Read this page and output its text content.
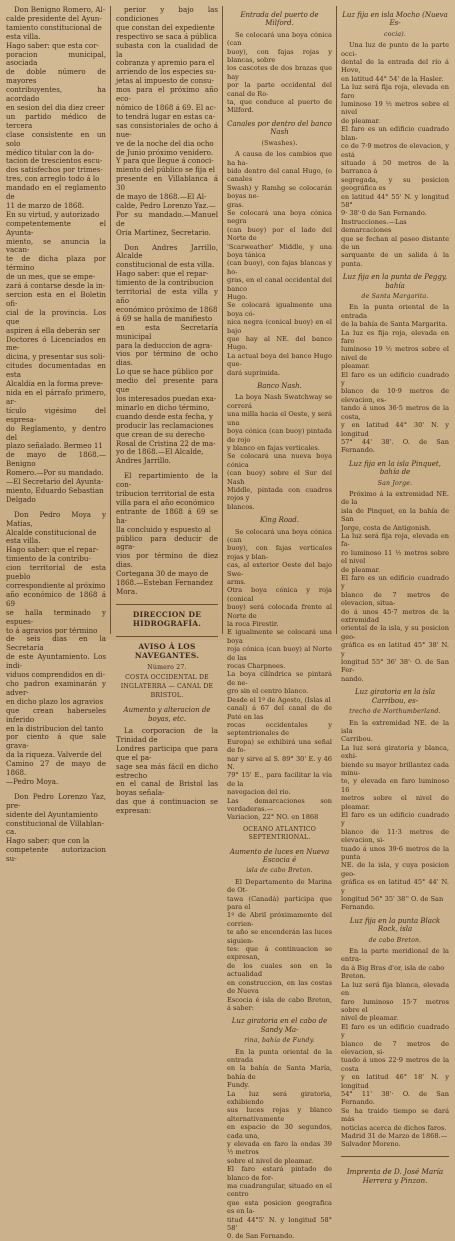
Don Benigno Romero, Al-

calde presidente del Ayun-

tamiento constitucional de

esta villa.

Hago saber: que esta cor-

poracion municipal, asociada

de doble número de mayores

contribuyentes, ha acordado

en sesion del dia diez creer

un partido médico de tercera

clase consistente en un solo

médico titular con la do-

tacion de trescientos escu-

dos satisfechos por trimes-

tres, con arreglo todo á lo

mandado en el reglamento de

11 de marzo de 1868.

En su virtud, y autorizado

competentemente el Ayunta-

miento, se anuncia la vacan-

te de dicha plaza por término

de un mes, que se empe-

zará á contarse desde la in-

sercion esta en el Boletin ofi-

cial de la provincia. Los que

aspiren á ella deberán ser

Doctores ó Licenciados en me-

dicina, y presentar sus soli-

citudes documentadas en esta

Alcaldía en la forma preve-

nida en el párrafo primero, ar-

tículo vigésimo del espresa-

do Reglamento, y dentro del

plazo señalado. Bermeo 11

de mayo de 1868.—Benigno

Romero.—Por su mandado.

—El Secretario del Ayunta-

miento, Eduardo Sebastian

Delgado

Don Pedro Moya y Matias,

Alcalde constitucional de

esta villa.

Hago saber: que el repar-

timiento de la contribu-

cion territorial de esta pueblo

correspondiente al próximo

año económico de 1868 á 69

se halla terminado y espues-

to á agravios por término

de seis dias en la Secretaría

de este Ayuntamiento. Los indi-

viduos comprendidos en di-

cho padron examinarán y adver-

en dicho plazo los agravios

que crean haberseles inferido

en la distribucion del tanto

por ciento á que sale grava-

da la riqueza. Valverde del

Camino 27 de mayo de 1868.

—Pedro Moya.

Don Pedro Lorenzo Yaz, pre-

sidente del Ayuntamiento

constitucional de Villablan-

ca.

Hago saber: que con la

competente autorizacion su-

perior y bajo las condiciones

que constan del expediente

respectivo se saca á pública

subasta con la cualidad de la

cobranza y apremio para el

arriendo de los especies su-

jetas al impuesto de consu-

mos para el próximo año eco-

nómico de 1868 á 69. El ac-

to tendrá lugar en estas ca-

sas consistoriales de ocho á nue-

ve de la noche del dia ocho

de Junio próximo venidero.

Y para que llegue á conoci-

miento del público se fija el

presente en Villablanca á 30

de mayo de 1868.—El Al-

calde, Pedro Lorenzo Yaz.—

Por su mandado.—Manuel de

Oria Martinez, Secretario.

Don Andres Jarrillo, Alcalde

constitucional de esta villa.

Hago saber: que el repar-

timiento de la contribucion

territorial de esta villa y año

económico próximo de 1868

á 69 se halla de manifiesto

en esta Secretaría municipal

para la deduccion de agra-

vios por término de ocho dias.

Lo que se hace público por

medio del presente para que

los interesados puedan exa-

minarlo en dicho término,

cuando desde esta fecha, y

producir las reclamaciones

que crean de su derecho

Rosal de Cristina 22 de ma-

yo de 1868.—El Alcalde,

Andres Jarrillo.

El repartimiento de la con-

tribucion territorial de esta

villa para el año económico

entrante de 1868 á 69 se ha-

lla concluido y espuesto al

público para deducir de agra-

vios por término de diez dias.

Cortegana 30 de mayo de

1868.—Esteban Fernandez

Mora.

DIRECCION DE HIDROGRAFÍA.
AVISO Á LOS NAVEGANTES.
Número 27.
COSTA OCCIDENTAL DE INGLATERRA — CANAL DE BRISTOL.
Aumento y alteracion de boyas, etc.

La corporacion de la Trinidad de

Londres participa que para que el pa-

sage sea más fácil en dicho estrecho

en el canal de Bristol las boyas señala-

das que á continuacion se expresan:

Entrada del puerto de Milford.

Se colocará una boya cónica (can

buoy), con fajas rojas y blancas, sobre

los cascotes de dos brazas que hay

por la parte occidental del canal de Ro-

ta, que conduce al puerto de Milford.

Canales por dentro del banco Nash
(Swashes).

A causa de los cambios que ha ha-

bido dentro del canal Hugo, (o canales

Swash) y Ramhg se colocarán boyas ne-

gras.

Se colocará una boya cónica negra

(can buoy) por el lado del Norte de

'Scarweather' Middle, y una boya tánica

(can buoy), con fajas blancas y ho-

gras, en el canal occidental del banco

Hugo.

Se colocará igualmente una boya có-

nica negra (conical buoy) en el bajo

que hay al NE. del banco Hugo.

La actual boya del banco Hugo que-

dará suprimida.

Banco Nash.

La boya Nash Swatchway se correrá

una milla hacia el Oeste, y será una

boya cónica (can buoy) pintada de rojo

y blanco en fajas verticales.

Se colocará una nueva boya cónica

(can buoy) sobre el Sur del Nash

Middle, pintada con cuadros rojos y

blancos.

King Road.

Se colocará una boya cónica (can

buoy), con fajas verticales rojas y blan-

cas, al exterior Oeste del bajo Swe-

arms.

Otra boya cónica y roja (conical

buoy) será colocada frente al Norte de

la roca Firestir.

E igualmente se colocará una boya

roja cónica (can buoy) al Norte de las

rocas Charpnees.

La boya cilíndrica se pintará de ne-

gro sin el centro blanco.

Desde el 1º de Agosto, (Islas al

canal) á 67 del canal de de Paté en las

rocas occidentales y septentrionales de

Europa) se exhibirá una señal de fo-

nar y sirve al S. 89° 30' E. y 46 N.

79° 15' E., para facilitar la vía de la

navegacion del rio.

Las demarcaciones son verdaderas.—

Variacion, 22° NO. en 1868

OCEANO ATLANTICO SEPTENTRIONAL.
Aumento de luces en Nueva Escocia é
isla de cabo Breton.

El Departamento de Marina de Ot-

tawa (Canadá) participa que para el

1º de Abril próximamente del corrien-

te año se encenderán las luces siguien-

tes: que á continuacion se expresan,

de los cuales son en la actualidad

en construccion, en las costas de Nueva

Escocia é isla de cabo Breton, á saber:

Luz giratoria en el cabo de Sandy Ma-
rina, bahía de Fundy.

En la punta oriental de la entrada

en la bahía de Santa María, bahía de

Fundy.

La luz será giratoria, exhibiendo

sus luces rojas y blanco alternativamente

en espacio de 30 segundos, cada una,

y elevada en faro la ondas 39 ½ metros

sobre el nivel de pleamar.

El faro estará pintado de blanco de for-

ma cuadrangular, situado en el centro

que esta posicion geografica es en la-

titud 44°5' N. y longitud 58° 58'

0. de San Fernando.

Luz fija en isla Mocho (Nueva Es-
cocia).

Una luz de punto de la parte occi-

dental de la entrada del río á Hove,

en latitud 44° 54' de la Hasler.

La luz será fija roja, elevada en faro

luminoso 19 ½ metros sobre el nivel

de pleamar.

El faro es un edificio cuadrado blan-

co de 7·9 metros de elevacion, y está

situado á 50 metros de la barranca á

segregada, y su posicion geográfica es

en latitud 44° 55' N. y longitud 58°

9· 38'·0 de San Fernando.

Instrucciones.—Las demarcaciones

que se fechan al paseo distante de un

sarquante de un salida á la punta.

Luz fija en la punta de Peggy, bahía
de Santa Margarita.

En la punta oriental de la entrada

de la bahía de Santa Margarita.

La luz es fija roja, elevada en faro

luminoso 19 ½ metros sobre el nivel de

pleamar.

El faro es un edificio cuadrado y

blanco de 10·9 metros de elevacion, es-

tando á unos 36·5 metros de la costa,

y en latitud 44° 30' N. y longitud

57° 44' 38'. O. de San Fernando.

Luz fija en la isla Pinquet, bahía de
San Jorge.

Próximo á la extremidad NE. de la

isla de Pinquet, en la bahía de San

Jorge, costa de Antigonish.

La luz será fija roja, elevada en fa-

ro luminoso 11 ½ metros sobre el nivel

de pleamar.

El faro es un edificio cuadrado y

blanco de 7 metros de elevacion, situa-

do á unos 45·7 metros de la extremidad

oriental de la isla, y su posicion geo-

gráfica es en latitud 45° 38' N. y

longitud 55° 36' 38'· O. de San Fer-

nando.

Luz giratoria en la isla Carribou, es-
trecho de Northumberland.

En la extremidad NE. de la isla

Carribou.

La luz será giratoria y blanca, exhi-

biendo su mayor brillantez cada minu-

to, y elevada en faro luminoso 16

metros sobre el nivel de pleamar.

El faro es un edificio cuadrado y

blanco de 11·3 metros de elevacion, si-

tuado á unos 39·6 metros de la punta

NE. de la isla, y cuya posicion geo-

gráfica es en latitud 45° 44' N. y

longitud 56° 35' 38'' O. de San

Fernando.

Luz fija en la punta Black Rock, isla
de cabo Breton.

En la parte meridional de la entra-

da á Big Bras d'or, isla de cabo

Breton.

La luz será fija blanca, elevada en

faro luminoso 15·7 metros sobre el

nivel de pleamar.

El faro es un edificio cuadrado y

blanco de 7 metros de elevacion, si-

tuado á unos 22·9 metros de la costa

y en latitud 46° 18' N. y longitud

54° 11' 38'· O. de San Fernando.

Se ha traido tiempo se dará más

noticias acerca de dichos faros.

Madrid 31 de Marzo de 1868.—

Salvador Moreno.

Imprenta de D. José María
Herrera y Pinzon.
